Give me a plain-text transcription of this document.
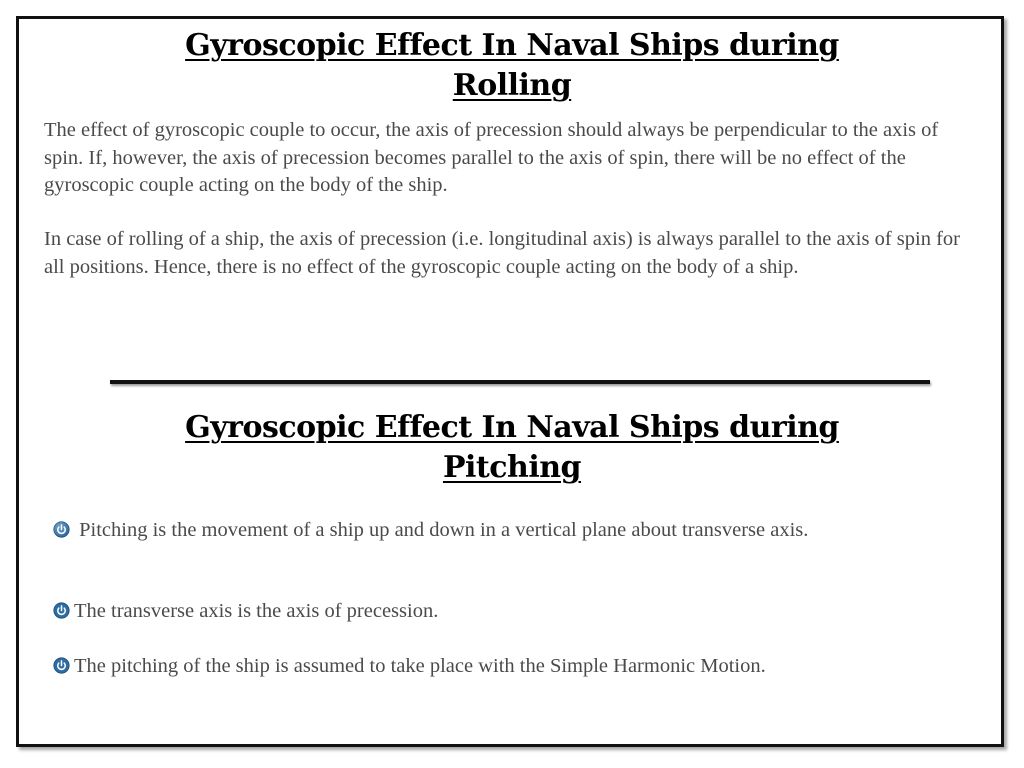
Gyroscopic Effect In Naval Ships during
Rolling

The effect of gyroscopic couple to occur, the axis of precession should always be perpendicular to the axis of spin. If, however, the axis of precession becomes parallel to the axis of spin, there will be no effect of the gyroscopic couple acting on the body of the ship.

In case of rolling of a ship, the axis of precession (i.e. longitudinal axis) is always parallel to the axis of spin for all positions. Hence, there is no effect of the gyroscopic couple acting on the body of a ship.

Gyroscopic Effect In Naval Ships during
Pitching

Pitching is the movement of a ship up and down in a vertical plane about transverse axis.

The transverse axis is the axis of precession.

The pitching of the ship is assumed to take place with the Simple Harmonic Motion.
